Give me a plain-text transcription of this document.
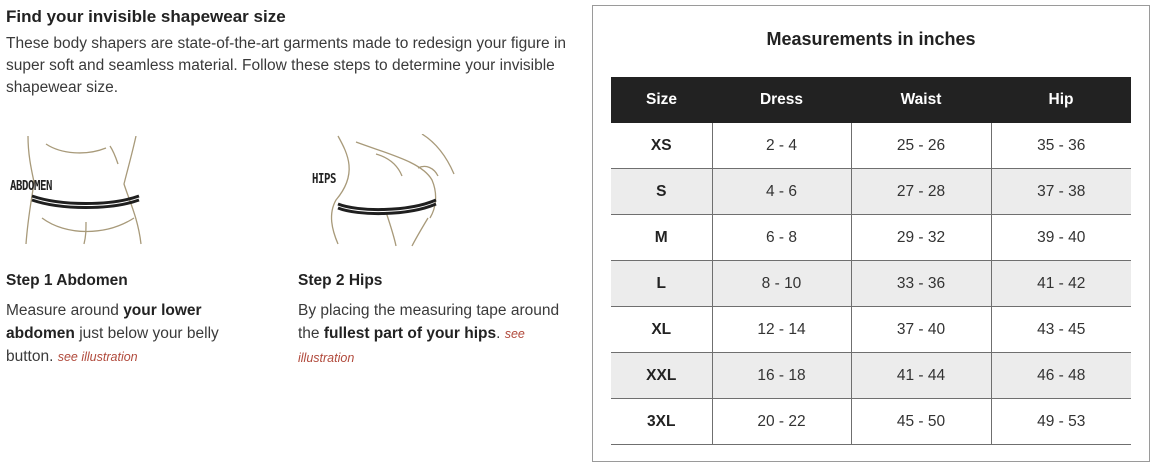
Find your invisible shapewear size
These body shapers are state-of-the-art garments made to redesign your figure in super soft and seamless material. Follow these steps to determine your invisible shapewear size.
ABDOMEN	HIPS
Step 1 Abdomen
Measure around your lower abdomen just below your belly button. see illustration
Step 2 Hips
By placing the measuring tape around the fullest part of your hips. see illustration
Measurements in inches
Size	Dress	Waist	Hip
XS	2 - 4	25 - 26	35 - 36
S	4 - 6	27 - 28	37 - 38
M	6 - 8	29 - 32	39 - 40
L	8 - 10	33 - 36	41 - 42
XL	12 - 14	37 - 40	43 - 45
XXL	16 - 18	41 - 44	46 - 48
3XL	20 - 22	45 - 50	49 - 53
